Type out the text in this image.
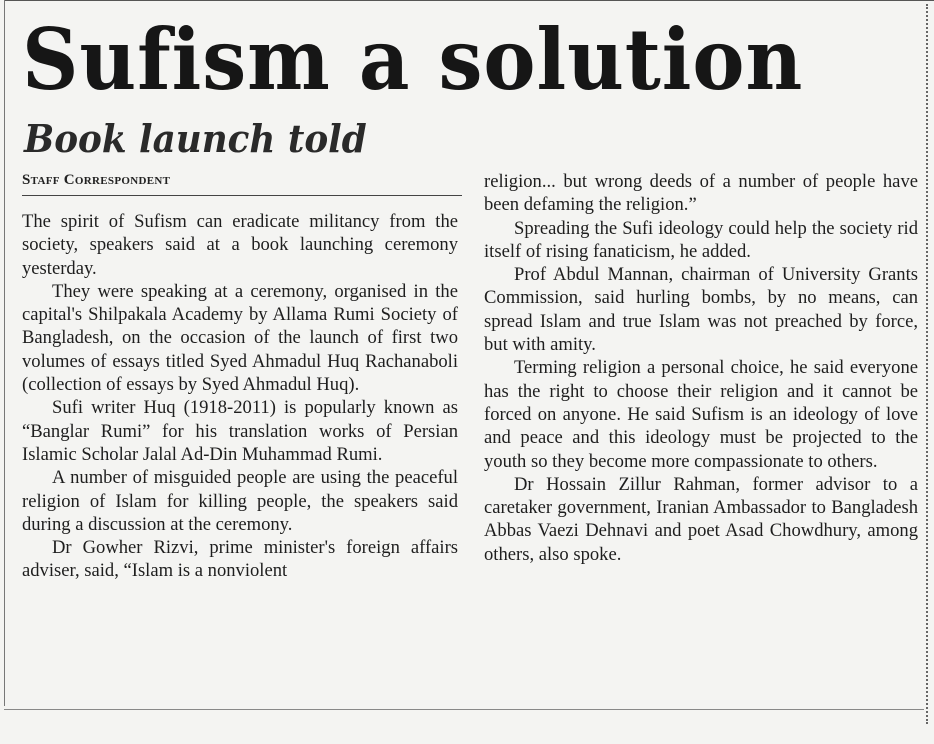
Sufism a solution
Book launch told
Staff Correspondent

The spirit of Sufism can eradicate militancy from the society, speakers said at a book launching ceremony yesterday.

They were speaking at a ceremony, organised in the capital's Shilpakala Academy by Allama Rumi Society of Bangladesh, on the occasion of the launch of first two volumes of essays titled Syed Ahmadul Huq Rachanaboli (collection of essays by Syed Ahmadul Huq).

Sufi writer Huq (1918-2011) is popularly known as “Banglar Rumi” for his translation works of Persian Islamic Scholar Jalal Ad-Din Muhammad Rumi.

A number of misguided people are using the peaceful religion of Islam for killing people, the speakers said during a discussion at the ceremony.

Dr Gowher Rizvi, prime minister's foreign affairs adviser, said, “Islam is a nonviolent

religion... but wrong deeds of a number of people have been defaming the religion.”

Spreading the Sufi ideology could help the society rid itself of rising fanaticism, he added.

Prof Abdul Mannan, chairman of University Grants Commission, said hurling bombs, by no means, can spread Islam and true Islam was not preached by force, but with amity.

Terming religion a personal choice, he said everyone has the right to choose their religion and it cannot be forced on anyone. He said Sufism is an ideology of love and peace and this ideology must be projected to the youth so they become more compassionate to others.

Dr Hossain Zillur Rahman, former advisor to a caretaker government, Iranian Ambassador to Bangladesh Abbas Vaezi Dehnavi and poet Asad Chowdhury, among others, also spoke.
